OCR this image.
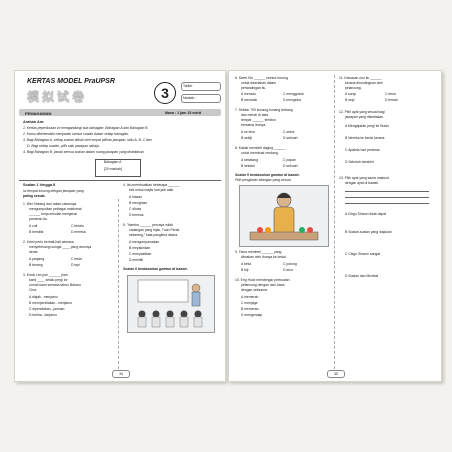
KERTAS MODEL PraUPSR
模拟试卷	3	Tarikh :
Markah :
PEMAHAMAN	Masa : 1 jam 15 minit
Arahan Am:
1. Kertas peperiksaan ini mengandungi dua bahagian: Bahagian A dan Bahagian B.
2. Kamu dikehendaki menjawab semua soalan dalam setiap bahagian.
3. Bagi Bahagian A, setiap soalan diikuti oleh empat pilihan jawapan, iaitu A, B, C dan
D. Bagi setiap soalan, pilih satu jawapan sahaja.
4. Bagi Bahagian B, jawab semua soalan dalam ruang jawapan yang disediakan.
Bahagian A
[20 markah]
Soalan 1 hingga 8
Isi tempat kosong dengan jawapan yang
paling sesuai.
1. Wei Sheang dan rakan-rakannya
mengumpulkan pelbagai maklumat
______ kerja sekolah mengenai
pameran itu.
A cuti	C terlalu
B bersifat	D mereka
2. Kami perlu berhati-hati semasa
menyeberangi sungai ____ yang arusnya
deras.
A panjang	C lebar
B tenang	D tepi
3. Encik Lim pun ______ jiran
kami ____ selalu pergi ke
rumah kami semasa tahun Baharu
Cina.
A diajak...menjamu
B mempersilakan...menjamu
C dipersilakan...jamuan
D beriha...berjamu
4. Ibu membuatkan beberapa ______
kek untuk majlis hari jadi adik.
A hiasan
B menghias
C dihias
D berhias
5. "Hamba ______ percaya inilah
cadangan yang bijak, Tuan Perak
sekarang," kata panglima istana.
A mengumpamakan
B meyakinkan
C menyakitkan
D menitik
Soalan 6 berdasarkan gambar di bawah.
34
6. Swee Kin ______ seekor burung
untuk disertakan dalam
pertandingan itu.
A memolu	C menggosok
B menolak	D mengelus
7. Sekitar 700 kunang-kunang terbang
dan merah di atas
tempat ______ terhibur
bersama ibunya.
A se ekor	C sekor
B sebiji	D sebuah
8. Kakak membeli daging ______
untuk membuat rendang.
A sebatang	C papan
B seketul	D sebuah
Soalan 9 berdasarkan gambar di bawah.
Pilih pengkelas bilangan yang sesuai.
9. Tiana membeli ______ yang
dimakan oleh ibunya ke kedai.
A ketul	C potong
B biji	D ekor
10. Eng Hock mendengar perbualan
pelancong dengan dari Jawa
dengan seksama.
A memerah
C menjaga
B memeran
D mengendap
11. Kawasan zoo itu ______
kerana dirundingkan oleh
pelancong.
A sunyi	C teruk
B sepi	D lemah
12. Pilih ayat yang sesuai bagi
jawapan yang disediakan.
A Mengajakku pergi ke Bulan
B Mereka ke kedai kerana
C Apabila hari pertama
D Sekolah berakhir
13. Pilih ayat yang sama maksud
dengan ayat di bawah.
A Cikgu Sharon tidak dapat
B Soalan-soalan yang diajukan
C Cikgu Sharon sangat
D Soalan dan Micheal
35
